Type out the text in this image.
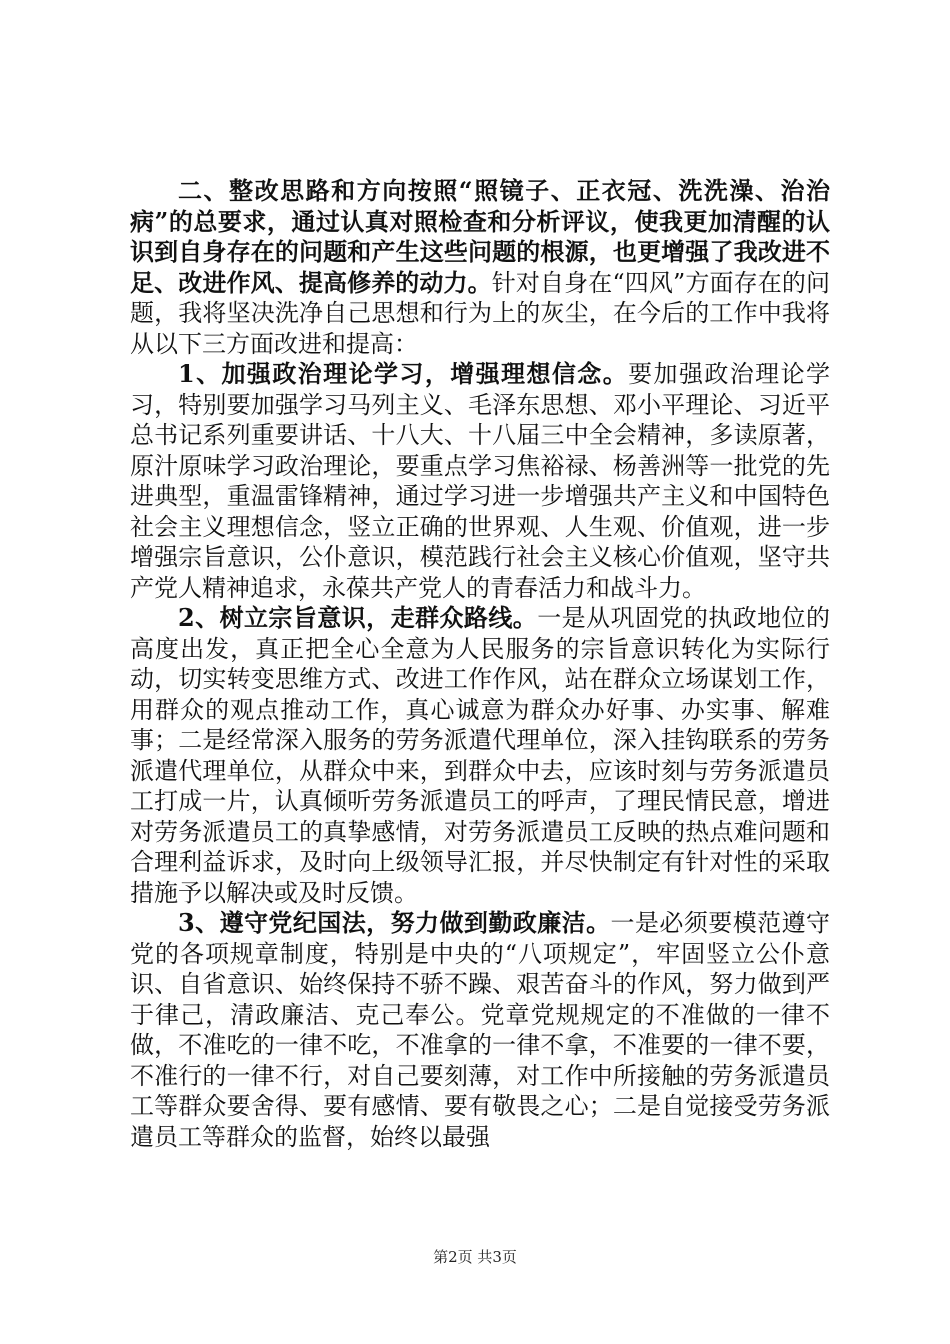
二、整改思路和方向按照“照镜子、正衣冠、洗洗澡、治治病”的总要求，通过认真对照检查和分析评议，使我更加清醒的认识到自身存在的问题和产生这些问题的根源，也更增强了我改进不足、改进作风、提高修养的动力。针对自身在“四风”方面存在的问题，我将坚决洗净自己思想和行为上的灰尘，在今后的工作中我将从以下三方面改进和提高：

1、加强政治理论学习，增强理想信念。要加强政治理论学习，特别要加强学习马列主义、毛泽东思想、邓小平理论、习近平总书记系列重要讲话、十八大、十八届三中全会精神，多读原著，原汁原味学习政治理论，要重点学习焦裕禄、杨善洲等一批党的先进典型，重温雷锋精神，通过学习进一步增强共产主义和中国特色社会主义理想信念，竖立正确的世界观、人生观、价值观，进一步增强宗旨意识，公仆意识，模范践行社会主义核心价值观，坚守共产党人精神追求，永葆共产党人的青春活力和战斗力。

2、树立宗旨意识，走群众路线。一是从巩固党的执政地位的高度出发，真正把全心全意为人民服务的宗旨意识转化为实际行动，切实转变思维方式、改进工作作风，站在群众立场谋划工作，用群众的观点推动工作，真心诚意为群众办好事、办实事、解难事；二是经常深入服务的劳务派遣代理单位，深入挂钩联系的劳务派遣代理单位，从群众中来，到群众中去，应该时刻与劳务派遣员工打成一片，认真倾听劳务派遣员工的呼声，了理民情民意，增进对劳务派遣员工的真挚感情，对劳务派遣员工反映的热点难问题和合理利益诉求，及时向上级领导汇报，并尽快制定有针对性的采取措施予以解决或及时反馈。

3、遵守党纪国法，努力做到勤政廉洁。一是必须要模范遵守党的各项规章制度，特别是中央的“八项规定”，牢固竖立公仆意识、自省意识、始终保持不骄不躁、艰苦奋斗的作风，努力做到严于律己，清政廉洁、克己奉公。党章党规规定的不准做的一律不做，不准吃的一律不吃，不准拿的一律不拿，不准要的一律不要，不准行的一律不行，对自己要刻薄，对工作中所接触的劳务派遣员工等群众要舍得、要有感情、要有敬畏之心；二是自觉接受劳务派遣员工等群众的监督，始终以最强

第2页 共3页
